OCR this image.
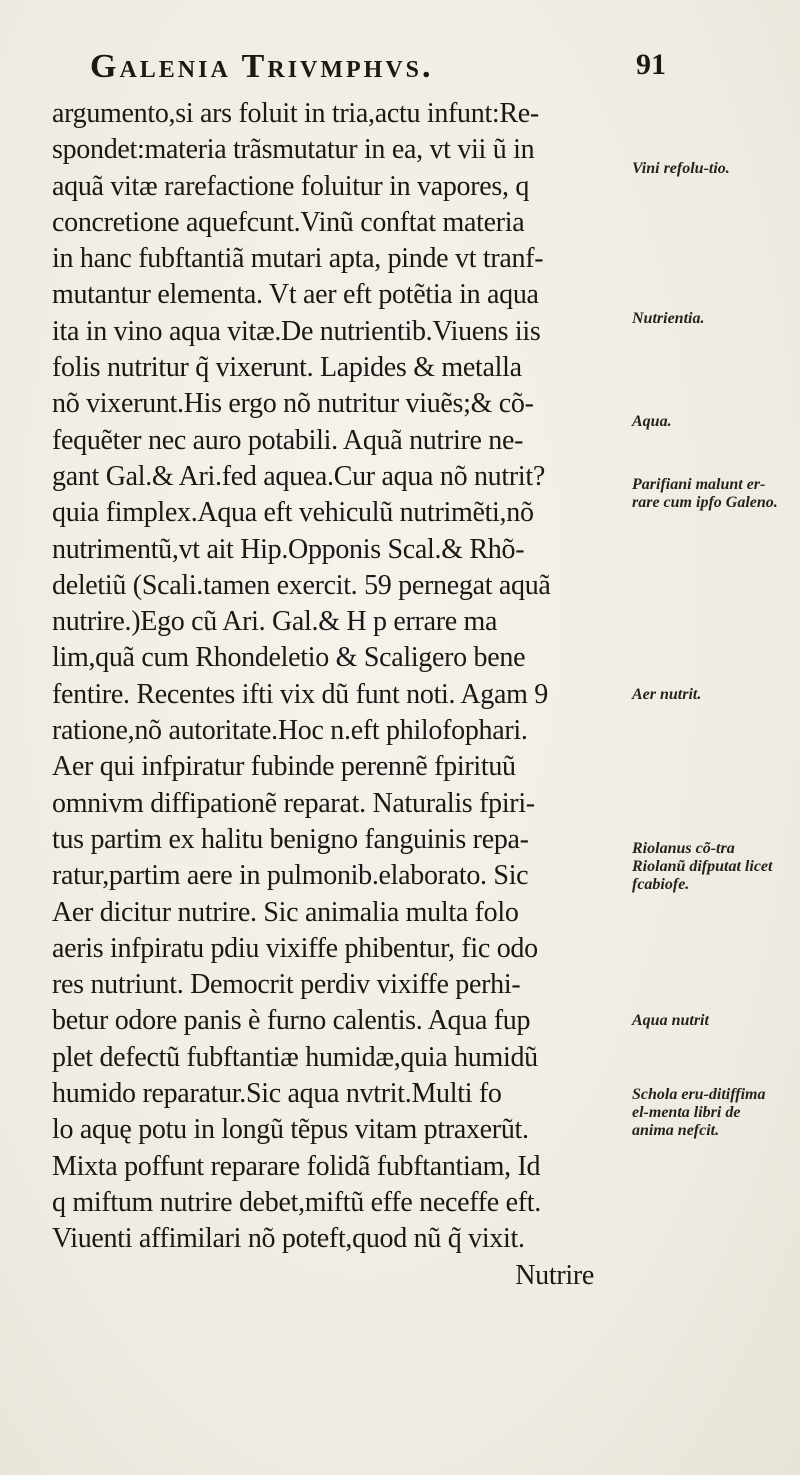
Galenia Trivmphvs.	91
argumento,si ars foluit in tria,actu infunt:Re-
spondet:materia trãsmutatur in ea, vt vii ũ in
aquã vitæ rarefactione foluitur in vapores, q
concretione aquefcunt.Vinũ conftat materia
in hanc fubftantiã mutari apta, pinde vt tranf-
mutantur elementa. Vt aer eft potẽtia in aqua
ita in vino aqua vitæ.De nutrientib.Viuens iis
folis nutritur q̃ vixerunt. Lapides & metalla
nõ vixerunt.His ergo nõ nutritur viuẽs;& cõ-
fequẽter nec auro potabili. Aquã nutrire ne-
gant Gal.& Ari.fed aquea.Cur aqua nõ nutrit?
quia fimplex.Aqua eft vehiculũ nutrimẽti,nõ
nutrimentũ,vt ait Hip.Opponis Scal.& Rhõ-
deletiũ (Scali.tamen exercit. 59 pernegat aquã
nutrire.)Ego cũ Ari. Gal.& H p errare ma
lim,quã cum Rhondeletio & Scaligero bene
fentire. Recentes ifti vix dũ funt noti. Agam 9
ratione,nõ autoritate.Hoc n.eft philofophari.
Aer qui infpiratur fubinde perennẽ fpirituũ
omnivm diffipationẽ reparat. Naturalis fpiri-
tus partim ex halitu benigno fanguinis repa-
ratur,partim aere in pulmonib.elaborato. Sic
Aer dicitur nutrire. Sic animalia multa folo
aeris infpiratu pdiu vixiffe phibentur, fic odo
res nutriunt. Democrit perdiv vixiffe perhi-
betur odore panis è furno calentis. Aqua fup
plet defectũ fubftantiæ humidæ,quia humidũ
humido reparatur.Sic aqua nvtrit.Multi fo
lo aquę potu in longũ tẽpus vitam ptraxerũt.
Mixta poffunt reparare folidã fubftantiam, Id
q miftum nutrire debet,miftũ effe neceffe eft.
Viuenti affimilari nõ poteft,quod nũ q̃ vixit.
Nutrire
Vini refolu-tio.
Nutrientia.
Aqua.
Parifiani malunt er-rare cum ipfo Galeno.
Aer nutrit.
Riolanus cõ-tra Riolanũ difputat licet fcabiofe.
Aqua nutrit
Schola eru-ditiffima el-menta libri de anima nefcit.
